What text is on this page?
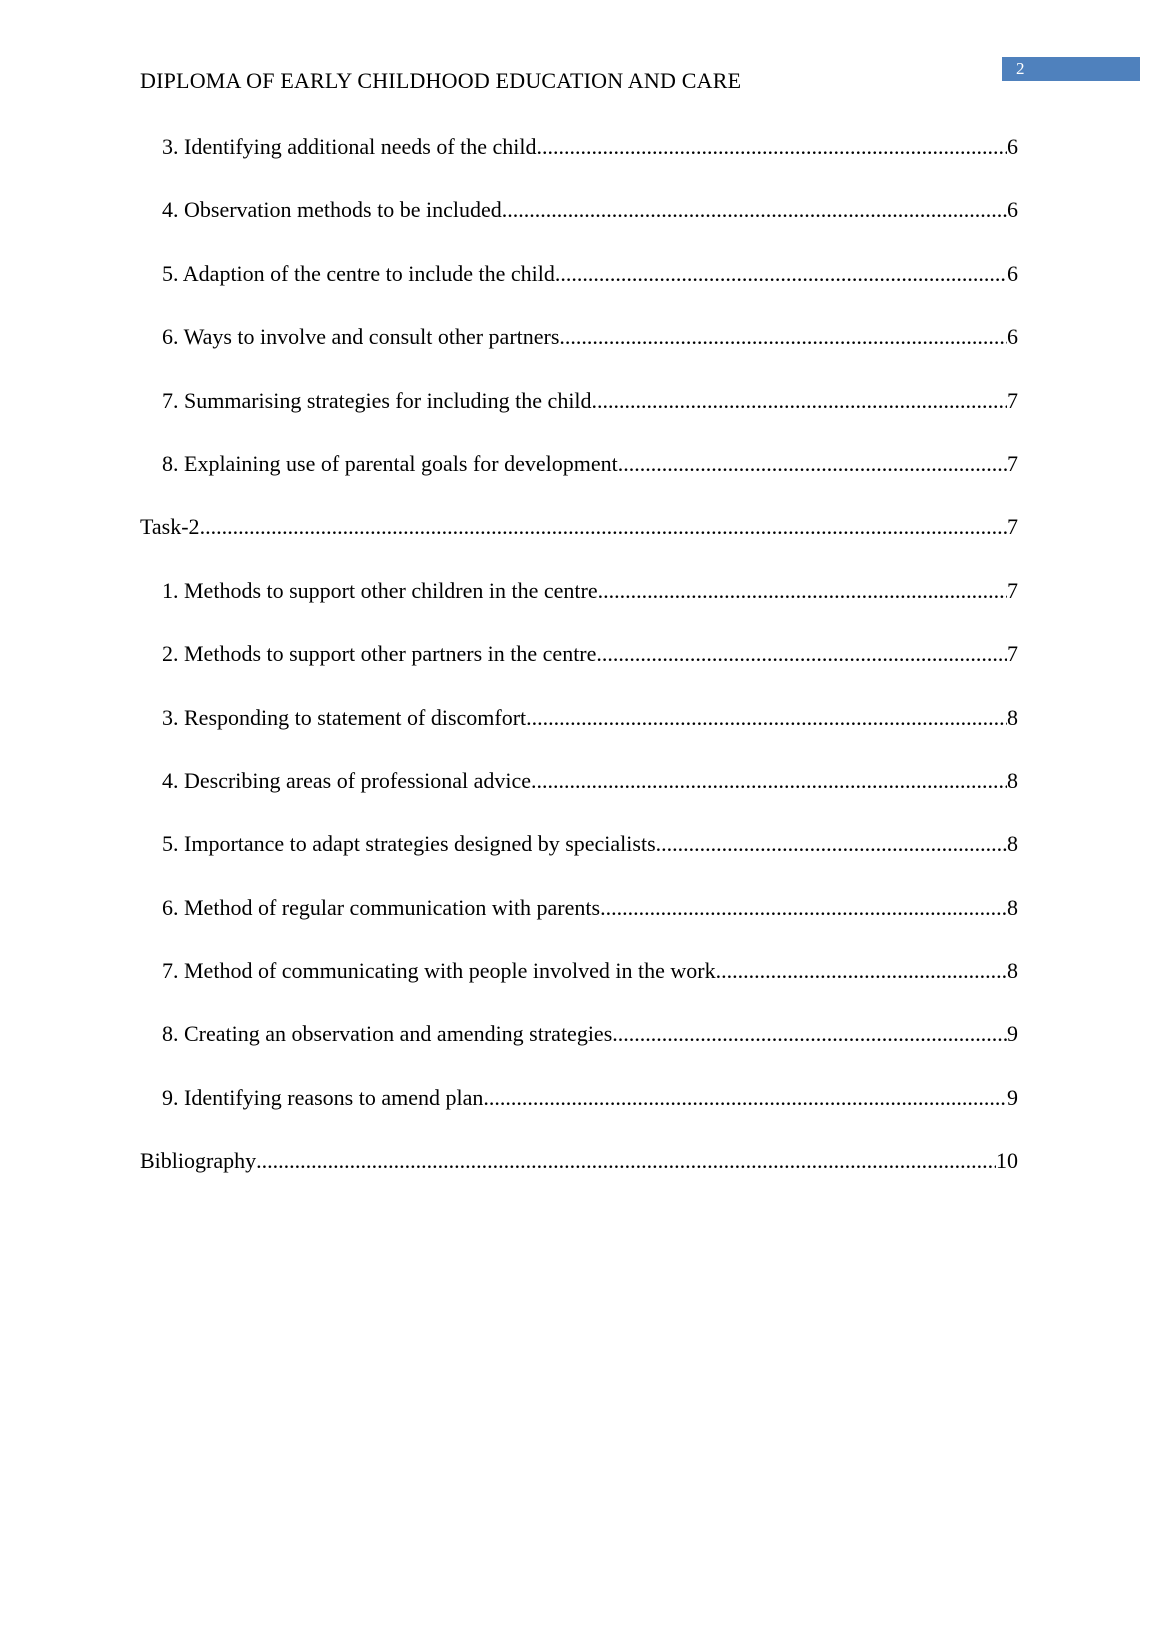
DIPLOMA OF EARLY CHILDHOOD EDUCATION AND CARE	2
3. Identifying additional needs of the child .....	6
4. Observation methods to be included .....	6
5. Adaption of the centre to include the child .....	6
6. Ways to involve and consult other partners .....	6
7. Summarising strategies for including the child .....	7
8. Explaining use of parental goals for development .....	7
Task-2 .....	7
1. Methods to support other children in the centre .....	7
2. Methods to support other partners in the centre .....	7
3. Responding to statement of discomfort .....	8
4. Describing areas of professional advice .....	8
5. Importance to adapt strategies designed by specialists .....	8
6. Method of regular communication with parents .....	8
7. Method of communicating with people involved in the work .....	8
8. Creating an observation and amending strategies .....	9
9. Identifying reasons to amend plan .....	9
Bibliography .....	10
